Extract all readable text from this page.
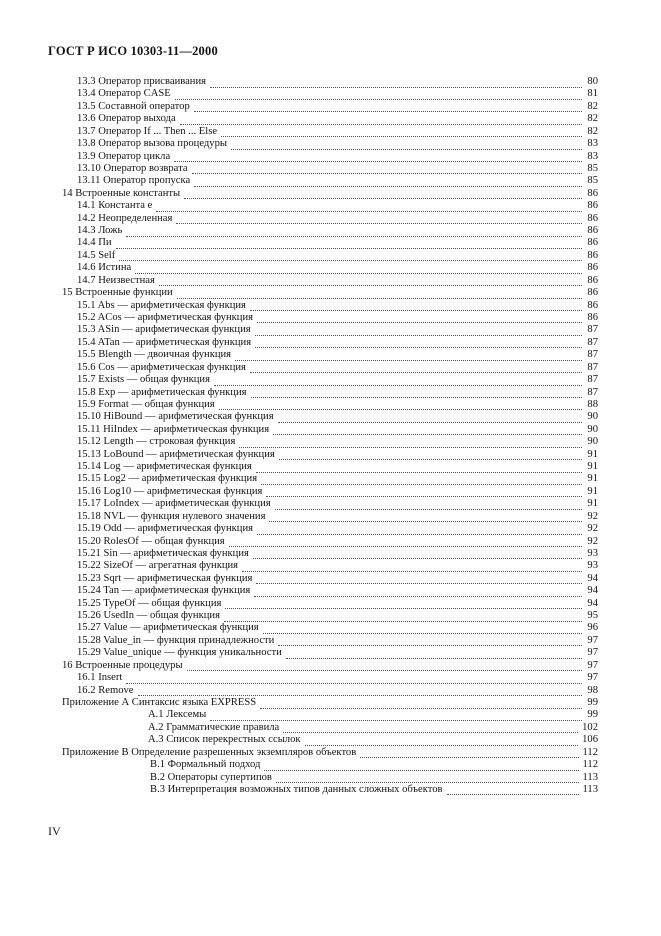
ГОСТ Р ИСО 10303-11—2000
13.3 Оператор присваивания	80
13.4 Оператор CASE	81
13.5 Составной оператор	82
13.6 Оператор выхода	82
13.7 Оператор If ... Then ... Else	82
13.8 Оператор вызова процедуры	83
13.9 Оператор цикла	83
13.10 Оператор возврата	85
13.11 Оператор пропуска	85
14 Встроенные константы	86
14.1 Константа e	86
14.2 Неопределенная	86
14.3 Ложь	86
14.4 Пи	86
14.5 Self	86
14.6 Истина	86
14.7 Неизвестная	86
15 Встроенные функции	86
15.1 Abs — арифметическая функция	86
15.2 ACos — арифметическая функция	86
15.3 ASin — арифметическая функция	87
15.4 ATan — арифметическая функция	87
15.5 Blength — двоичная функция	87
15.6 Cos — арифметическая функция	87
15.7 Exists — общая функция	87
15.8 Exp — арифметическая функция	87
15.9 Format — общая функция	88
15.10 HiBound — арифметическая функция	90
15.11 HiIndex — арифметическая функция	90
15.12 Length — строковая функция	90
15.13 LoBound — арифметическая функция	91
15.14 Log — арифметическая функция	91
15.15 Log2 — арифметическая функция	91
15.16 Log10 — арифметическая функция	91
15.17 LoIndex — арифметическая функция	91
15.18 NVL — функция нулевого значения	92
15.19 Odd — арифметическая функция	92
15.20 RolesOf — общая функция	92
15.21 Sin — арифметическая функция	93
15.22 SizeOf — агрегатная функция	93
15.23 Sqrt — арифметическая функция	94
15.24 Tan — арифметическая функция	94
15.25 TypeOf — общая функция	94
15.26 UsedIn — общая функция	95
15.27 Value — арифметическая функция	96
15.28 Value_in — функция принадлежности	97
15.29 Value_unique — функция уникальности	97
16 Встроенные процедуры	97
16.1 Insert	97
16.2 Remove	98
Приложение А Синтаксис языка EXPRESS	99
А.1 Лексемы	99
А.2 Грамматические правила	102
А.3 Список перекрестных ссылок	106
Приложение В Определение разрешенных экземпляров объектов	112
В.1 Формальный подход	112
В.2 Операторы супертипов	113
В.3 Интерпретация возможных типов данных сложных объектов	113
IV
